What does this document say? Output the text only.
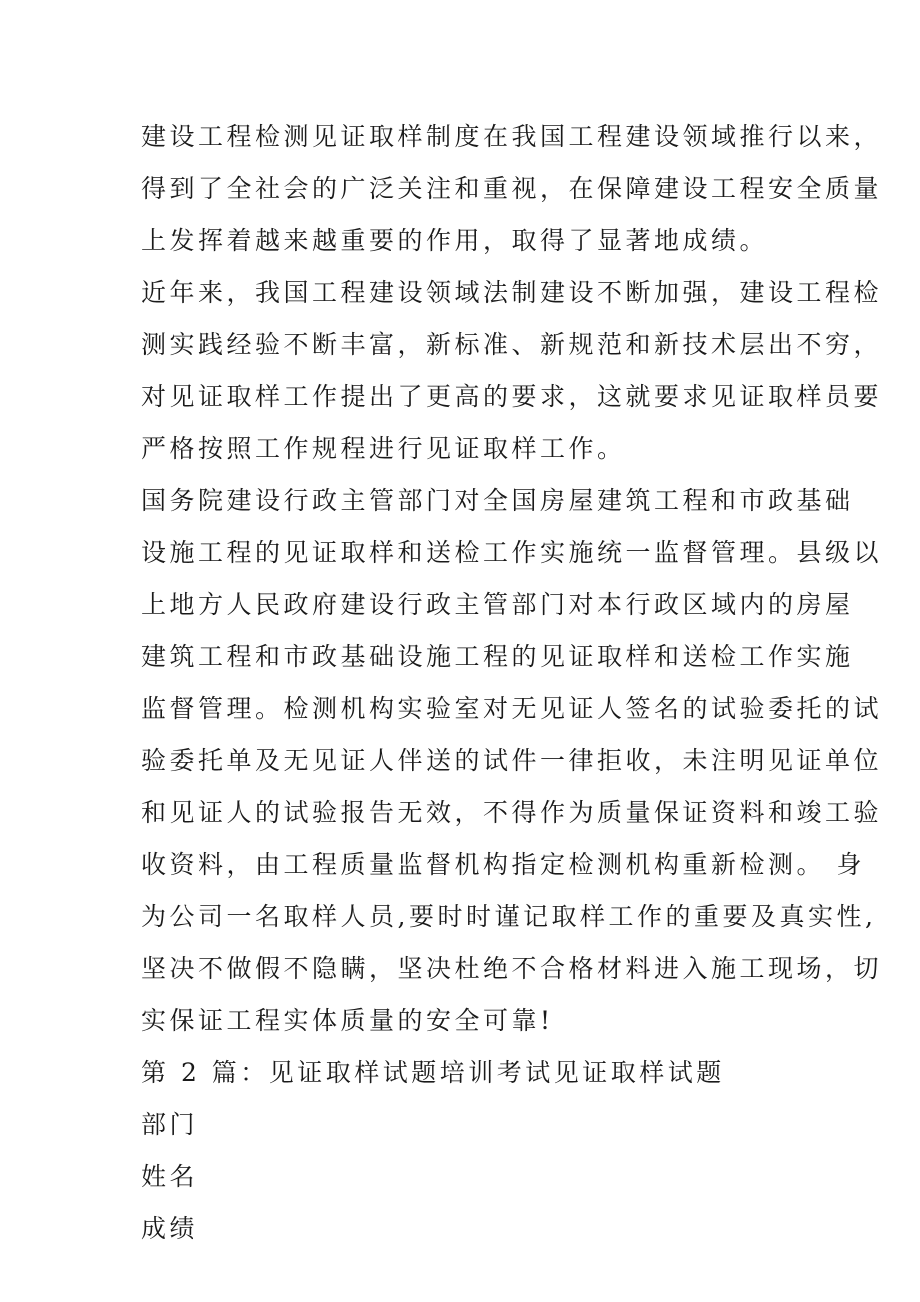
建设工程检测见证取样制度在我国工程建设领域推行以来，
得到了全社会的广泛关注和重视，在保障建设工程安全质量
上发挥着越来越重要的作用，取得了显著地成绩。
近年来，我国工程建设领域法制建设不断加强，建设工程检
测实践经验不断丰富，新标准、新规范和新技术层出不穷，
对见证取样工作提出了更高的要求，这就要求见证取样员要
严格按照工作规程进行见证取样工作。
国务院建设行政主管部门对全国房屋建筑工程和市政基础
设施工程的见证取样和送检工作实施统一监督管理。县级以
上地方人民政府建设行政主管部门对本行政区域内的房屋
建筑工程和市政基础设施工程的见证取样和送检工作实施
监督管理。检测机构实验室对无见证人签名的试验委托的试
验委托单及无见证人伴送的试件一律拒收，未注明见证单位
和见证人的试验报告无效，不得作为质量保证资料和竣工验
收资料，由工程质量监督机构指定检测机构重新检测。 身
为公司一名取样人员,要时时谨记取样工作的重要及真实性,
坚决不做假不隐瞒，坚决杜绝不合格材料进入施工现场，切
实保证工程实体质量的安全可靠!
第 2 篇：见证取样试题培训考试见证取样试题
部门
姓名
成绩
